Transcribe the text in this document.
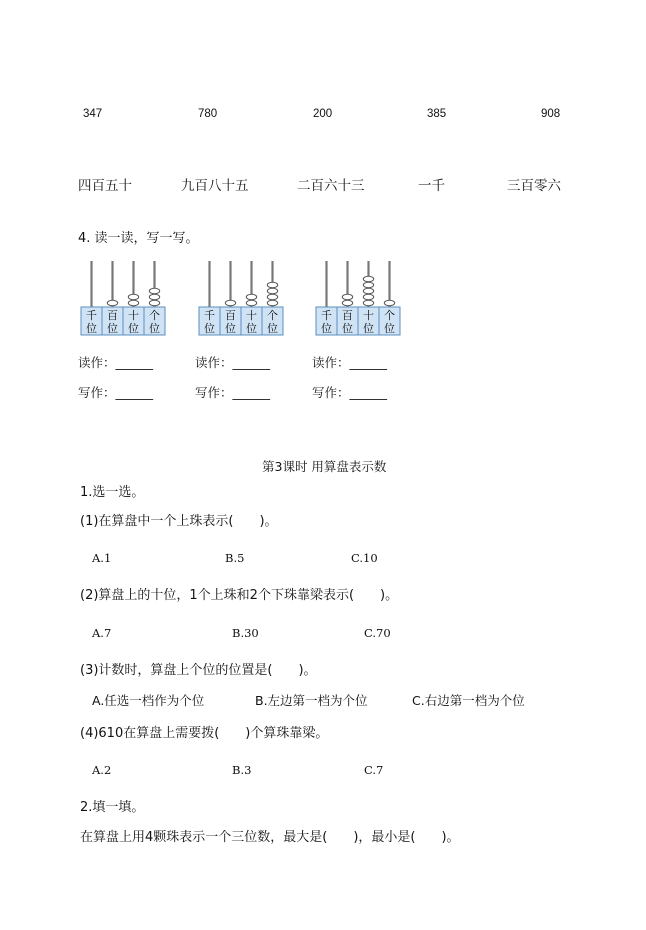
347	780	200	385	908
四百五十	九百八十五	二百六十三	一千	三百零六
4. 读一读，写一写。
千
位
百
位
十
位
个
位
千
位
百
位
十
位
个
位
千
位
百
位
十
位
个
位
读作：______	读作：______	读作：______
写作：______	写作：______	写作：______
第3课时 用算盘表示数
1.选一选。
(1)在算盘中一个上珠表示(　　)。
A.1	B.5	C.10
(2)算盘上的十位，1个上珠和2个下珠靠梁表示(　　)。
A.7	B.30	C.70
(3)计数时，算盘上个位的位置是(　　)。
A.任选一档作为个位	B.左边第一档为个位	C.右边第一档为个位
(4)610在算盘上需要拨(　　)个算珠靠梁。
A.2	B.3	C.7
2.填一填。
在算盘上用4颗珠表示一个三位数，最大是(　　)，最小是(　　)。
